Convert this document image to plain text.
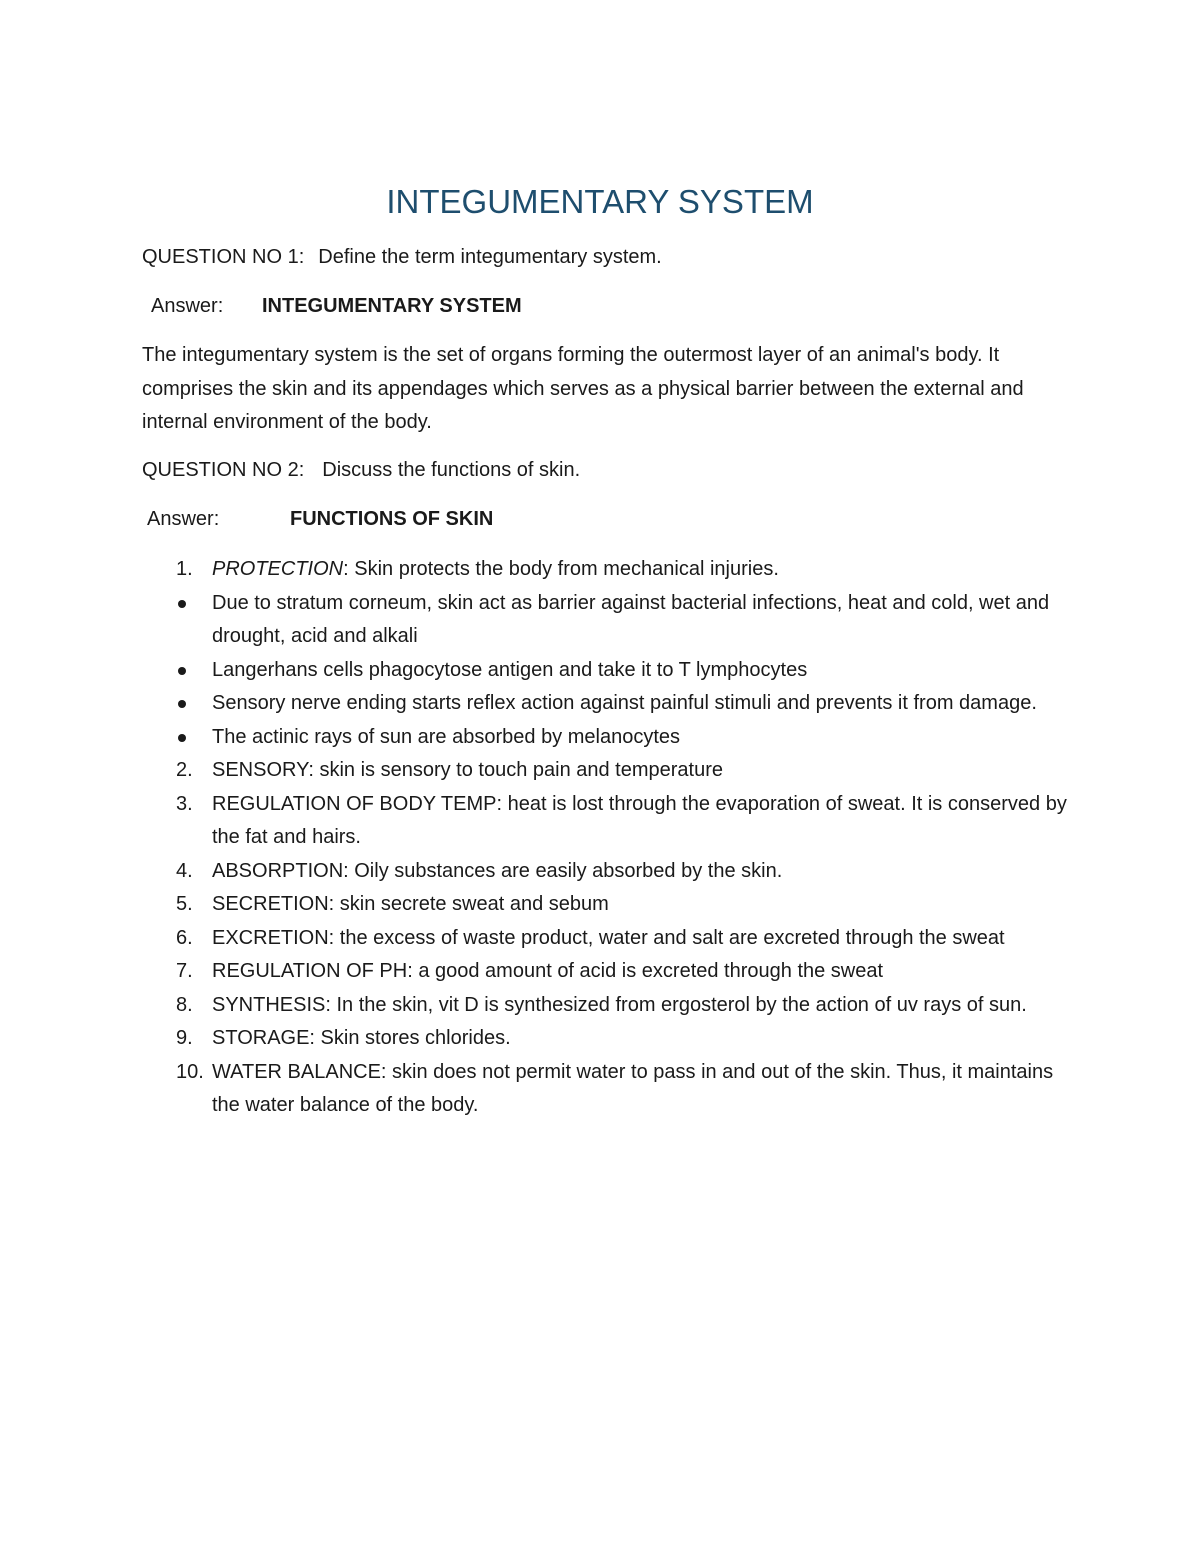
INTEGUMENTARY SYSTEM
QUESTION NO 1: Define the term integumentary system.
Answer: INTEGUMENTARY SYSTEM
The integumentary system is the set of organs forming the outermost layer of an animal's body. It comprises the skin and its appendages which serves as a physical barrier between the external and internal environment of the body.
QUESTION NO 2: Discuss the functions of skin.
Answer:	FUNCTIONS OF SKIN
1. PROTECTION: Skin protects the body from mechanical injuries.
Due to stratum corneum, skin act as barrier against bacterial infections, heat and cold, wet and drought, acid and alkali
Langerhans cells phagocytose antigen and take it to T lymphocytes
Sensory nerve ending starts reflex action against painful stimuli and prevents it from damage.
The actinic rays of sun are absorbed by melanocytes
2. SENSORY: skin is sensory to touch pain and temperature
3. REGULATION OF BODY TEMP: heat is lost through the evaporation of sweat. It is conserved by the fat and hairs.
4. ABSORPTION: Oily substances are easily absorbed by the skin.
5. SECRETION: skin secrete sweat and sebum
6. EXCRETION: the excess of waste product, water and salt are excreted through the sweat
7. REGULATION OF PH: a good amount of acid is excreted through the sweat
8. SYNTHESIS: In the skin, vit D is synthesized from ergosterol by the action of uv rays of sun.
9. STORAGE: Skin stores chlorides.
10. WATER BALANCE: skin does not permit water to pass in and out of the skin. Thus, it maintains the water balance of the body.
